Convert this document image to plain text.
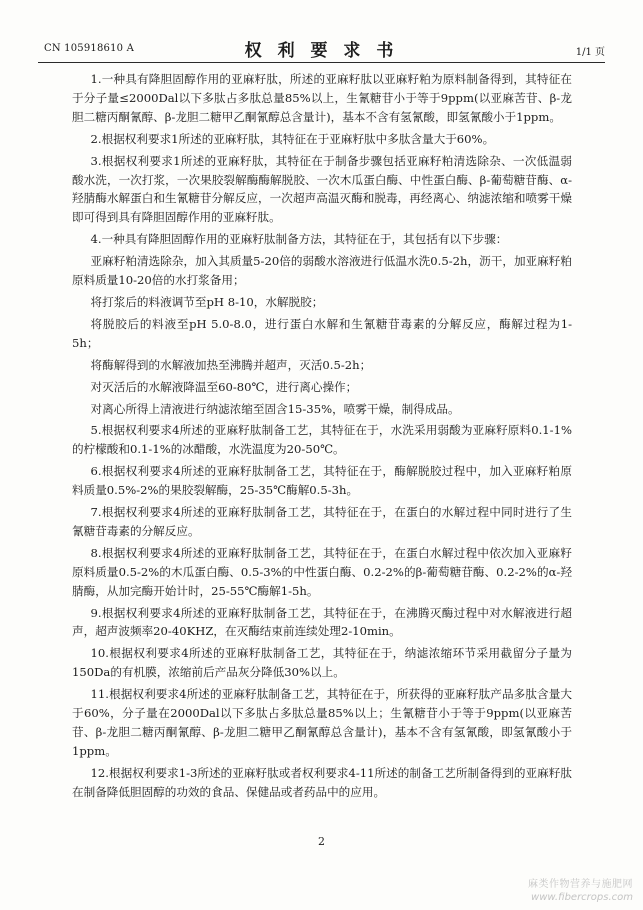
CN 105918610 A	权 利 要 求 书	1/1 页

1.一种具有降胆固醇作用的亚麻籽肽，所述的亚麻籽肽以亚麻籽粕为原料制备得到，其特征在于分子量≤2000Dal以下多肽占多肽总量85%以上，生氰糖苷小于等于9ppm(以亚麻苦苷、β-龙胆二糖丙酮氰醇、β-龙胆二糖甲乙酮氰醇总含量计)，基本不含有氢氰酸，即氢氰酸小于1ppm。

2.根据权利要求1所述的亚麻籽肽，其特征在于亚麻籽肽中多肽含量大于60%。

3.根据权利要求1所述的亚麻籽肽，其特征在于制备步骤包括亚麻籽粕清选除杂、一次低温弱酸水洗，一次打浆，一次果胶裂解酶酶解脱胶、一次木瓜蛋白酶、中性蛋白酶、β-葡萄糖苷酶、α-羟腈酶水解蛋白和生氰糖苷分解反应，一次超声高温灭酶和脱毒，再经离心、纳滤浓缩和喷雾干燥即可得到具有降胆固醇作用的亚麻籽肽。

4.一种具有降胆固醇作用的亚麻籽肽制备方法，其特征在于，其包括有以下步骤：

亚麻籽粕清选除杂，加入其质量5-20倍的弱酸水溶液进行低温水洗0.5-2h，沥干，加亚麻籽粕原料质量10-20倍的水打浆备用；

将打浆后的料液调节至pH 8-10，水解脱胶；

将脱胶后的料液至pH 5.0-8.0，进行蛋白水解和生氰糖苷毒素的分解反应，酶解过程为1-5h；

将酶解得到的水解液加热至沸腾并超声，灭活0.5-2h；

对灭活后的水解液降温至60-80℃，进行离心操作；

对离心所得上清液进行纳滤浓缩至固含15-35%，喷雾干燥，制得成品。

5.根据权利要求4所述的亚麻籽肽制备工艺，其特征在于，水洗采用弱酸为亚麻籽原料0.1-1%的柠檬酸和0.1-1%的冰醋酸，水洗温度为20-50℃。

6.根据权利要求4所述的亚麻籽肽制备工艺，其特征在于，酶解脱胶过程中，加入亚麻籽粕原料质量0.5%-2%的果胶裂解酶，25-35℃酶解0.5-3h。

7.根据权利要求4所述的亚麻籽肽制备工艺，其特征在于，在蛋白的水解过程中同时进行了生氰糖苷毒素的分解反应。

8.根据权利要求4所述的亚麻籽肽制备工艺，其特征在于，在蛋白水解过程中依次加入亚麻籽原料质量0.5-2%的木瓜蛋白酶、0.5-3%的中性蛋白酶、0.2-2%的β-葡萄糖苷酶、0.2-2%的α-羟腈酶，从加完酶开始计时，25-55℃酶解1-5h。

9.根据权利要求4所述的亚麻籽肽制备工艺，其特征在于，在沸腾灭酶过程中对水解液进行超声，超声波频率20-40KHZ，在灭酶结束前连续处理2-10min。

10.根据权利要求4所述的亚麻籽肽制备工艺，其特征在于，纳滤浓缩环节采用截留分子量为150Da的有机膜，浓缩前后产品灰分降低30%以上。

11.根据权利要求4所述的亚麻籽肽制备工艺，其特征在于，所获得的亚麻籽肽产品多肽含量大于60%，分子量在2000Dal以下多肽占多肽总量85%以上；生氰糖苷小于等于9ppm(以亚麻苦苷、β-龙胆二糖丙酮氰醇、β-龙胆二糖甲乙酮氰醇总含量计)，基本不含有氢氰酸，即氢氰酸小于1ppm。

12.根据权利要求1-3所述的亚麻籽肽或者权利要求4-11所述的制备工艺所制备得到的亚麻籽肽在制备降低胆固醇的功效的食品、保健品或者药品中的应用。

2
麻类作物营养与施肥网
www.fibercrops.com
